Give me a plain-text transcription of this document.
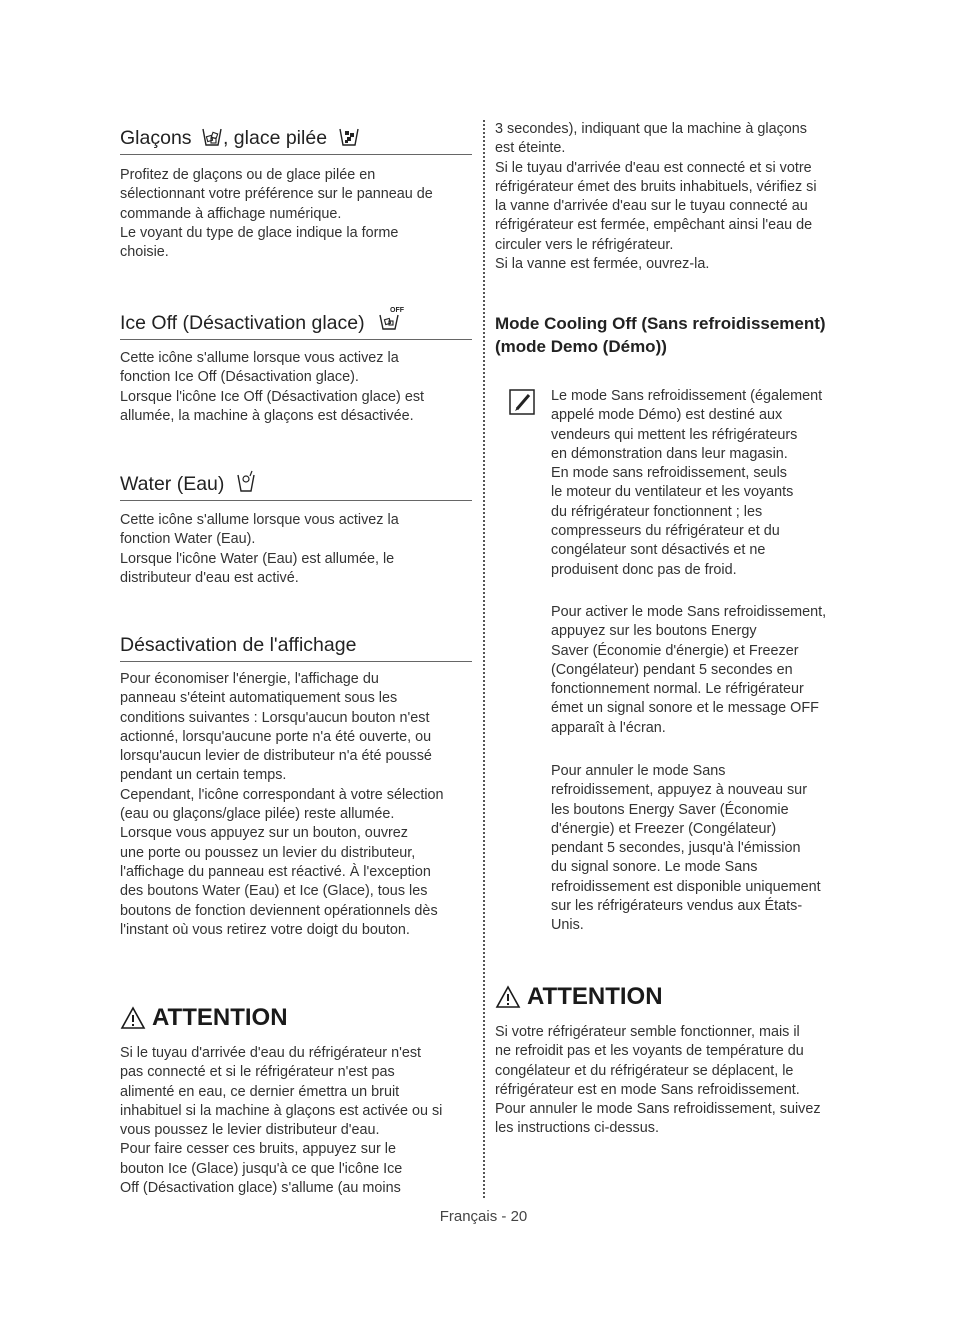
Glaçons , glace pilée

Profitez de glaçons ou de glace pilée en

sélectionnant votre préférence sur le panneau de

commande à affichage numérique.

Le voyant du type de glace indique la forme

choisie.

Ice Off (Désactivation glace)
OFF

Cette icône s'allume lorsque vous activez la

fonction Ice Off (Désactivation glace).

Lorsque l'icône Ice Off (Désactivation glace) est

allumée, la machine à glaçons est désactivée.

Water (Eau)

Cette icône s'allume lorsque vous activez la

fonction Water (Eau).

Lorsque l'icône Water (Eau) est allumée, le

distributeur d'eau est activé.

Désactivation de l'affichage

Pour économiser l'énergie, l'affichage du

panneau s'éteint automatiquement sous les

conditions suivantes : Lorsqu'aucun bouton n'est

actionné, lorsqu'aucune porte n'a été ouverte, ou

lorsqu'aucun levier de distributeur n'a été poussé

pendant un certain temps.

Cependant, l'icône correspondant à votre sélection

(eau ou glaçons/glace pilée) reste allumée.

Lorsque vous appuyez sur un bouton, ouvrez

une porte ou poussez un levier du distributeur,

l'affichage du panneau est réactivé. À l'exception

des boutons Water (Eau) et Ice (Glace), tous les

boutons de fonction deviennent opérationnels dès

l'instant où vous retirez votre doigt du bouton.

ATTENTION

Si le tuyau d'arrivée d'eau du réfrigérateur n'est

pas connecté et si le réfrigérateur n'est pas

alimenté en eau, ce dernier émettra un bruit

inhabituel si la machine à glaçons est activée ou si

vous poussez le levier distributeur d'eau.

Pour faire cesser ces bruits, appuyez sur le

bouton Ice (Glace) jusqu'à ce que l'icône Ice

Off (Désactivation glace) s'allume (au moins

3 secondes), indiquant que la machine à glaçons

est éteinte.

Si le tuyau d'arrivée d'eau est connecté et si votre

réfrigérateur émet des bruits inhabituels, vérifiez si

la vanne d'arrivée d'eau sur le tuyau connecté au

réfrigérateur est fermée, empêchant ainsi l'eau de

circuler vers le réfrigérateur.

Si la vanne est fermée, ouvrez-la.

Mode Cooling Off (Sans refroidissement)
(mode Demo (Démo))

Le mode Sans refroidissement (également

appelé mode Démo) est destiné aux

vendeurs qui mettent les réfrigérateurs

en démonstration dans leur magasin.

En mode sans refroidissement, seuls

le moteur du ventilateur et les voyants

du réfrigérateur fonctionnent ; les

compresseurs du réfrigérateur et du

congélateur sont désactivés et ne

produisent donc pas de froid.

Pour activer le mode Sans refroidissement,

appuyez sur les boutons Energy

Saver (Économie d'énergie) et Freezer

(Congélateur) pendant 5 secondes en

fonctionnement normal. Le réfrigérateur

émet un signal sonore et le message OFF

apparaît à l'écran.

Pour annuler le mode Sans

refroidissement, appuyez à nouveau sur

les boutons Energy Saver (Économie

d'énergie) et Freezer (Congélateur)

pendant 5 secondes, jusqu'à l'émission

du signal sonore. Le mode Sans

refroidissement est disponible uniquement

sur les réfrigérateurs vendus aux États-

Unis.

ATTENTION

Si votre réfrigérateur semble fonctionner, mais il

ne refroidit pas et les voyants de température du

congélateur et du réfrigérateur se déplacent, le

réfrigérateur est en mode Sans refroidissement.

Pour annuler le mode Sans refroidissement, suivez

les instructions ci-dessus.

Français - 20
